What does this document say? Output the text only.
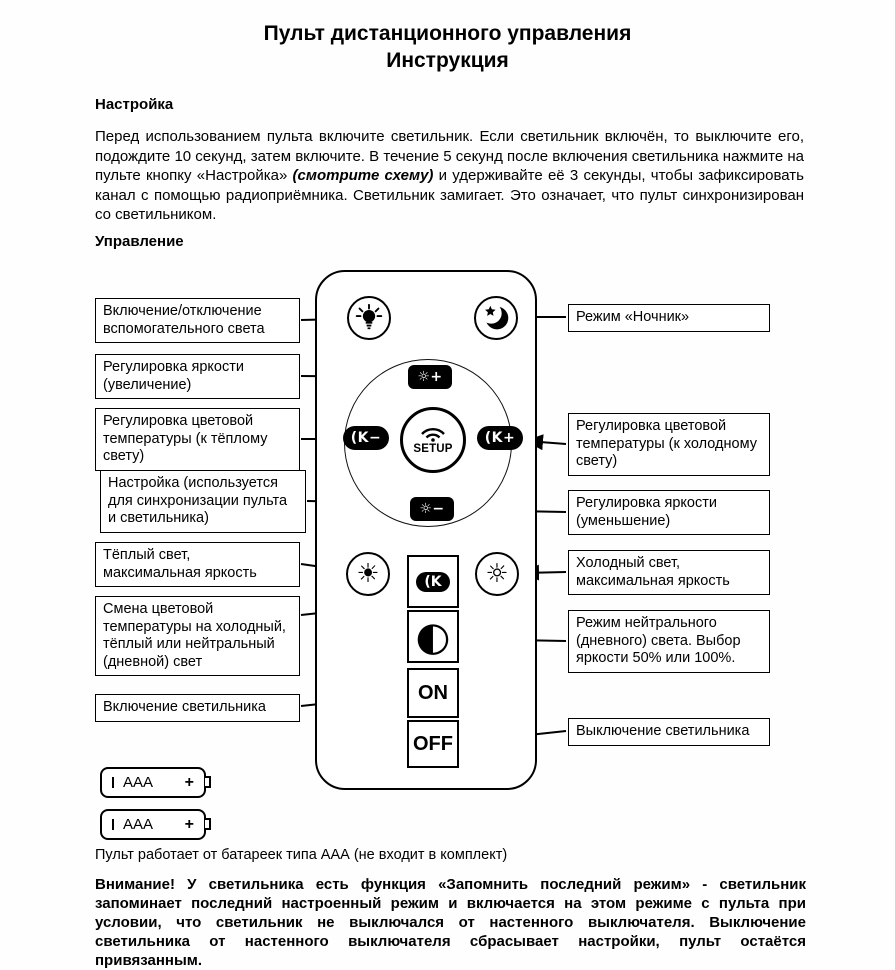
Пульт дистанционного управления
Инструкция
Настройка

Перед использованием пульта включите светильник. Если светильник включён, то выключите его, подождите 10 секунд, затем включите. В течение 5 секунд после включения светильника нажмите на пульте кнопку «Настройка» (смотрите схему) и удерживайте её 3 секунды, чтобы зафиксировать канал с помощью радиоприёмника. Светильник замигает. Это означает, что пульт синхронизирован со светильником.

Управление
☼+
(K−
SETUP
(K+
☼−
☀	☼
(K
◐
ON
OFF
Включение/отключение вспомогательного света
Регулировка яркости (увеличение)
Регулировка цветовой температуры (к тёплому свету)
Настройка (используется для синхронизации пульта и светильника)
Тёплый свет, максимальная яркость
Смена цветовой температуры на холодный, тёплый или нейтральный (дневной) свет
Включение светильника
Режим «Ночник»
Регулировка цветовой температуры (к холодному свету)
Регулировка яркости (уменьшение)
Холодный свет, максимальная яркость
Режим нейтрального (дневного) света. Выбор яркости 50% или 100%.
Выключение светильника
AAA +
AAA +
Пульт работает от батареек типа ААА (не входит в комплект)

Внимание! У светильника есть функция «Запомнить последний режим» - светильник запоминает последний настроенный режим и включается на этом режиме с пульта при условии, что светильник не выключался от настенного выключателя. Выключение светильника от настенного выключателя сбрасывает настройки, пульт остаётся привязанным.
